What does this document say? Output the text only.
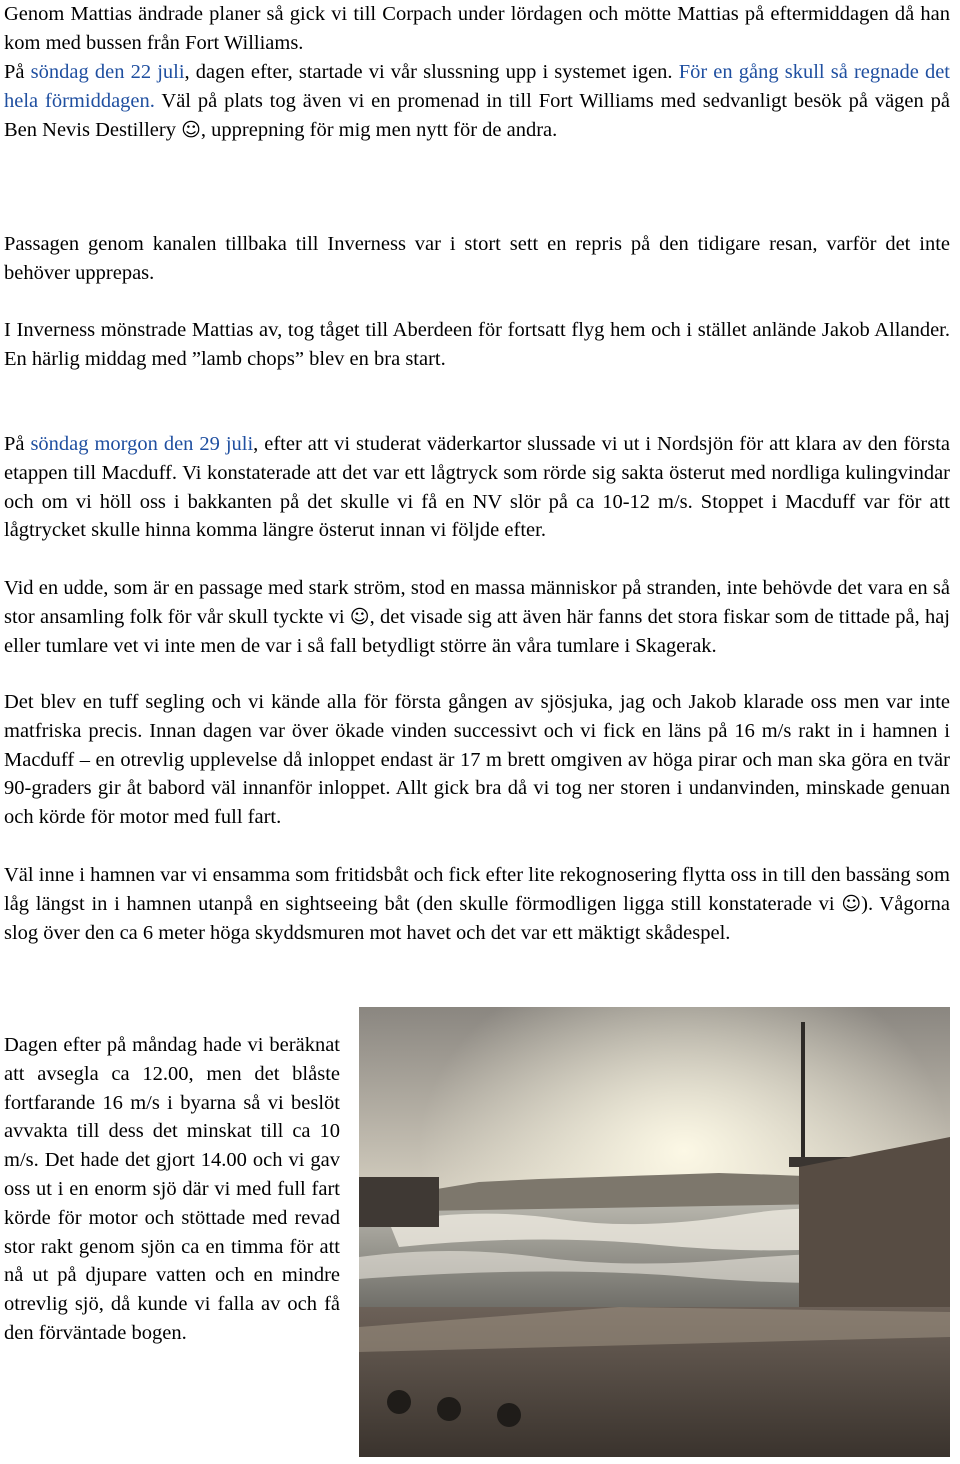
Genom Mattias ändrade planer så gick vi till Corpach under lördagen och mötte Mattias på eftermiddagen då han kom med bussen från Fort Williams.

På söndag den 22 juli, dagen efter, startade vi vår slussning upp i systemet igen. För en gång skull så regnade det hela förmiddagen. Väl på plats tog även vi en promenad in till Fort Williams med sedvanligt besök på vägen på Ben Nevis Destillery ☺, upprepning för mig men nytt för de andra.

Passagen genom kanalen tillbaka till Inverness var i stort sett en repris på den tidigare resan, varför det inte behöver upprepas.

I Inverness mönstrade Mattias av, tog tåget till Aberdeen för fortsatt flyg hem och i stället anlände Jakob Allander. En härlig middag med ”lamb chops” blev en bra start.

På söndag morgon den 29 juli, efter att vi studerat väderkartor slussade vi ut i Nordsjön för att klara av den första etappen till Macduff. Vi konstaterade att det var ett lågtryck som rörde sig sakta österut med nordliga kulingvindar och om vi höll oss i bakkanten på det skulle vi få en NV slör på ca 10-12 m/s. Stoppet i Macduff var för att lågtrycket skulle hinna komma längre österut innan vi följde efter.

Vid en udde, som är en passage med stark ström, stod en massa människor på stranden, inte behövde det vara en så stor ansamling folk för vår skull tyckte vi ☺, det visade sig att även här fanns det stora fiskar som de tittade på, haj eller tumlare vet vi inte men de var i så fall betydligt större än våra tumlare i Skagerak.

Det blev en tuff segling och vi kände alla för första gången av sjösjuka, jag och Jakob klarade oss men var inte matfriska precis. Innan dagen var över ökade vinden successivt och vi fick en läns på 16 m/s rakt in i hamnen i Macduff – en otrevlig upplevelse då inloppet endast är 17 m brett omgiven av höga pirar och man ska göra en tvär 90-graders gir åt babord väl innanför inloppet. Allt gick bra då vi tog ner storen i undanvinden, minskade genuan och körde för motor med full fart.

Väl inne i hamnen var vi ensamma som fritidsbåt och fick efter lite rekognosering flytta oss in till den bassäng som låg längst in i hamnen utanpå en sightseeing båt (den skulle förmodligen ligga still konstaterade vi ☺). Vågorna slog över den ca 6 meter höga skyddsmuren mot havet och det var ett mäktigt skådespel.

Dagen efter på måndag hade vi beräknat att avsegla ca 12.00, men det blåste fortfarande 16 m/s i byarna så vi beslöt avvakta till dess det minskat till ca 10 m/s. Det hade det gjort 14.00 och vi gav oss ut i en enorm sjö där vi med full fart körde för motor och stöttade med revad stor rakt genom sjön ca en timma för att nå ut på djupare vatten och en mindre otrevlig sjö, då kunde vi falla av och få den förväntade bogen.
